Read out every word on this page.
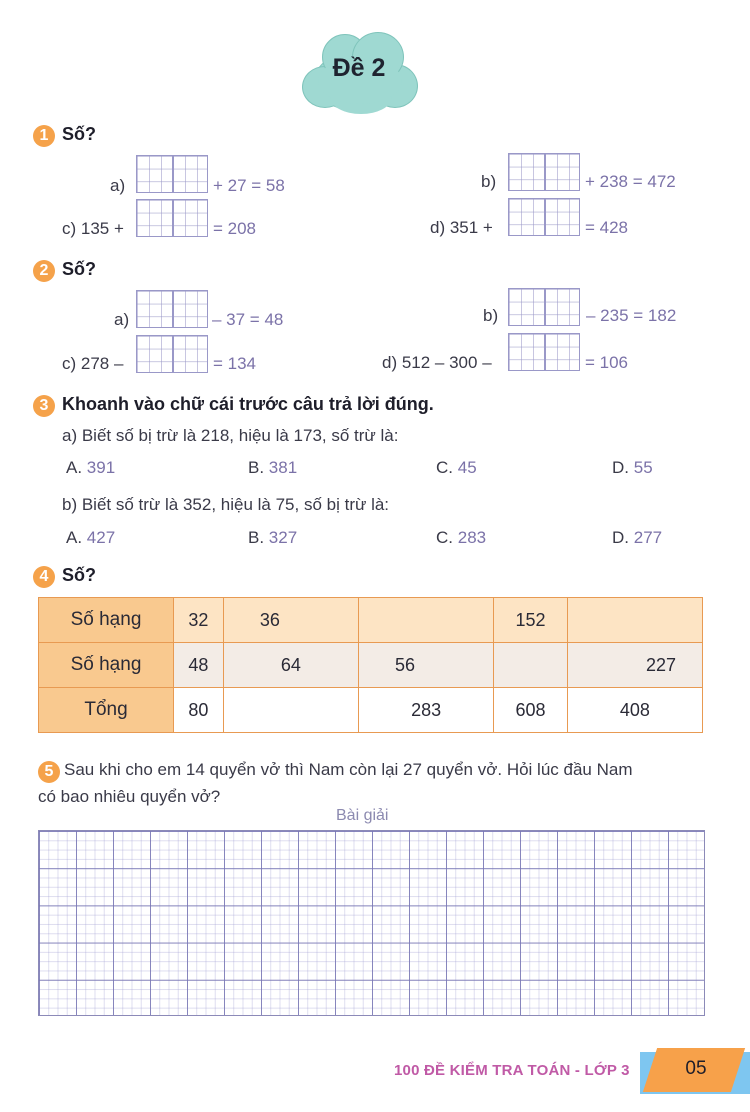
Đề 2
1 Số?
a)	+ 27 = 58	b)	+ 238 = 472
c) 135 +	= 208	d) 351 +	= 428
2 Số?
a)	– 37 = 48	b)	– 235 = 182
c) 278 –	= 134	d) 512 – 300 –	= 106
3 Khoanh vào chữ cái trước câu trả lời đúng.
a) Biết số bị trừ là 218, hiệu là 173, số trừ là:
A. 391	B. 381	C. 45	D. 55
b) Biết số trừ là 352, hiệu là 75, số bị trừ là:
A. 427	B. 327	C. 283	D. 277
4 Số?
Số hạng	32	36		152	
Số hạng	48	64	56		227
Tổng	80		283	608	408
5 Sau khi cho em 14 quyển vở thì Nam còn lại 27 quyển vở. Hỏi lúc đầu Nam
có bao nhiêu quyển vở?
Bài giải
05
100 ĐỀ KIỂM TRA TOÁN - LỚP 3
